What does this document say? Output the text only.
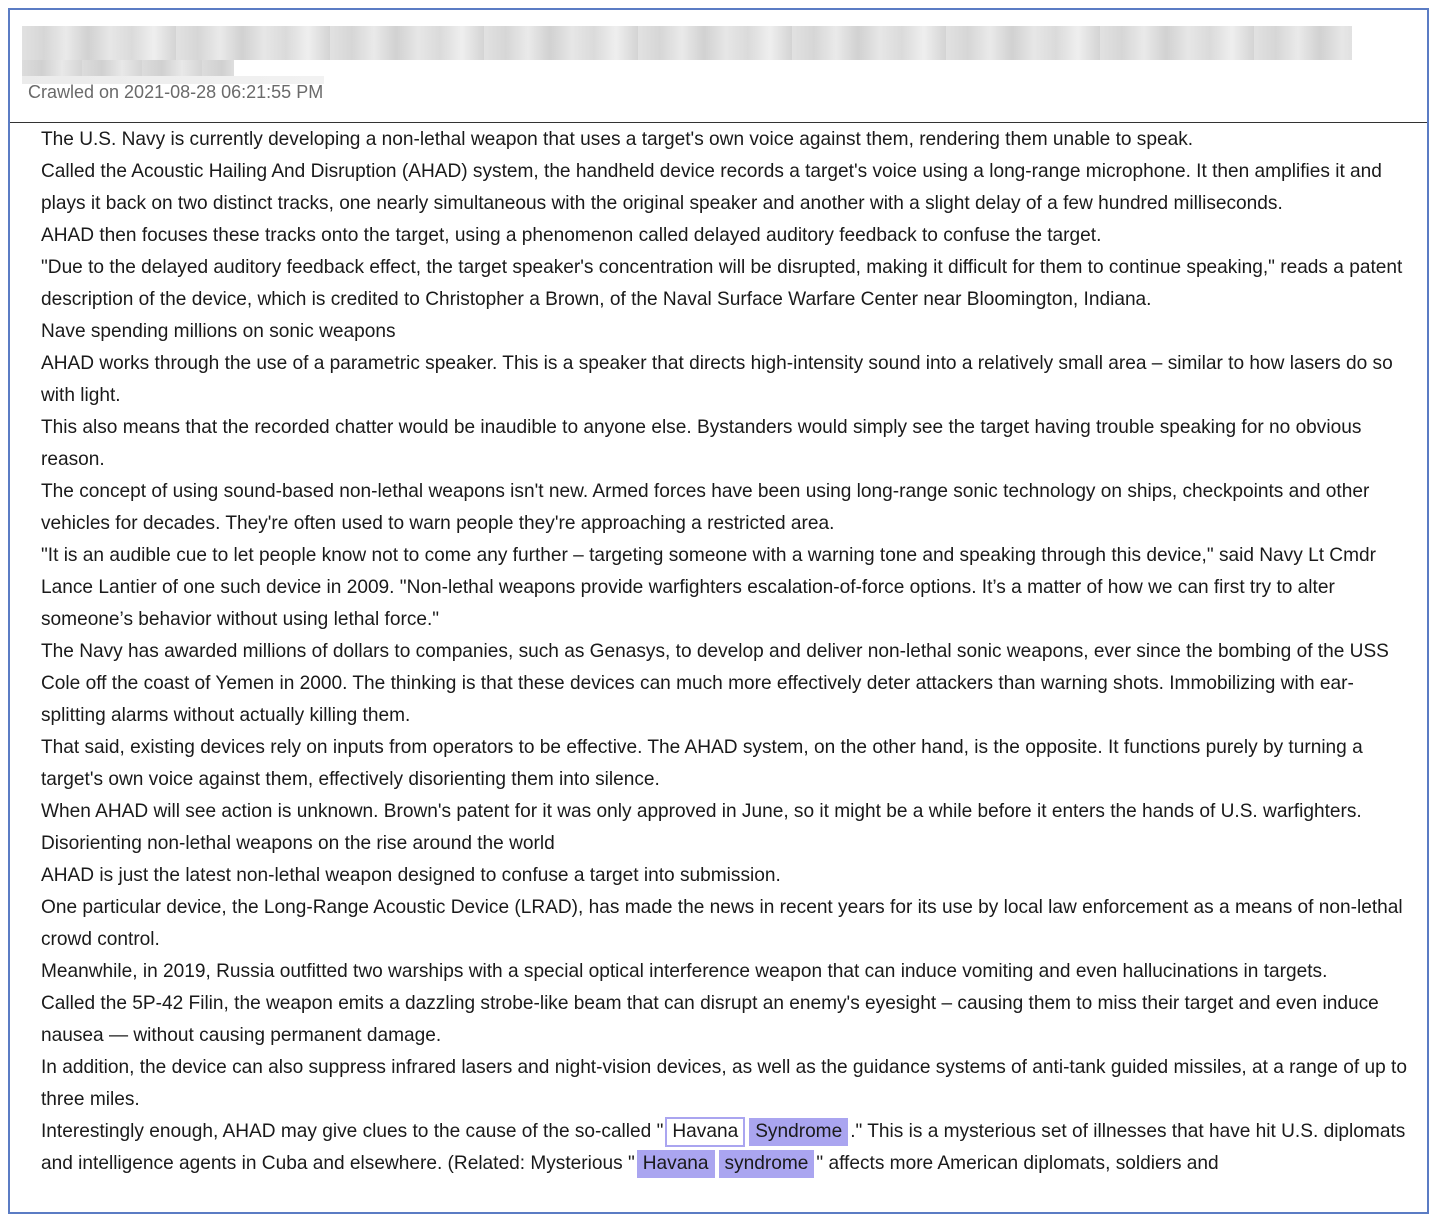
Crawled on 2021-08-28 06:21:55 PM

The U.S. Navy is currently developing a non-lethal weapon that uses a target's own voice against them, rendering them unable to speak.

Called the Acoustic Hailing And Disruption (AHAD) system, the handheld device records a target's voice using a long-range microphone. It then amplifies it and plays it back on two distinct tracks, one nearly simultaneous with the original speaker and another with a slight delay of a few hundred milliseconds.

AHAD then focuses these tracks onto the target, using a phenomenon called delayed auditory feedback to confuse the target.

"Due to the delayed auditory feedback effect, the target speaker's concentration will be disrupted, making it difficult for them to continue speaking," reads a patent description of the device, which is credited to Christopher a Brown, of the Naval Surface Warfare Center near Bloomington, Indiana.

Nave spending millions on sonic weapons

AHAD works through the use of a parametric speaker. This is a speaker that directs high-intensity sound into a relatively small area – similar to how lasers do so with light.

This also means that the recorded chatter would be inaudible to anyone else. Bystanders would simply see the target having trouble speaking for no obvious reason.

The concept of using sound-based non-lethal weapons isn't new. Armed forces have been using long-range sonic technology on ships, checkpoints and other vehicles for decades. They're often used to warn people they're approaching a restricted area.

"It is an audible cue to let people know not to come any further – targeting someone with a warning tone and speaking through this device," said Navy Lt Cmdr Lance Lantier of one such device in 2009. "Non-lethal weapons provide warfighters escalation-of-force options. It’s a matter of how we can first try to alter someone’s behavior without using lethal force."

The Navy has awarded millions of dollars to companies, such as Genasys, to develop and deliver non-lethal sonic weapons, ever since the bombing of the USS Cole off the coast of Yemen in 2000. The thinking is that these devices can much more effectively deter attackers than warning shots. Immobilizing with ear-splitting alarms without actually killing them.

That said, existing devices rely on inputs from operators to be effective. The AHAD system, on the other hand, is the opposite. It functions purely by turning a target's own voice against them, effectively disorienting them into silence.

When AHAD will see action is unknown. Brown's patent for it was only approved in June, so it might be a while before it enters the hands of U.S. warfighters.

Disorienting non-lethal weapons on the rise around the world

AHAD is just the latest non-lethal weapon designed to confuse a target into submission.

One particular device, the Long-Range Acoustic Device (LRAD), has made the news in recent years for its use by local law enforcement as a means of non-lethal crowd control.

Meanwhile, in 2019, Russia outfitted two warships with a special optical interference weapon that can induce vomiting and even hallucinations in targets.

Called the 5P-42 Filin, the weapon emits a dazzling strobe-like beam that can disrupt an enemy's eyesight – causing them to miss their target and even induce nausea — without causing permanent damage.

In addition, the device can also suppress infrared lasers and night-vision devices, as well as the guidance systems of anti-tank guided missiles, at a range of up to three miles.

Interestingly enough, AHAD may give clues to the cause of the so-called " Havana Syndrome ." This is a mysterious set of illnesses that have hit U.S. diplomats and intelligence agents in Cuba and elsewhere. (Related: Mysterious " Havana syndrome " affects more American diplomats, soldiers and
